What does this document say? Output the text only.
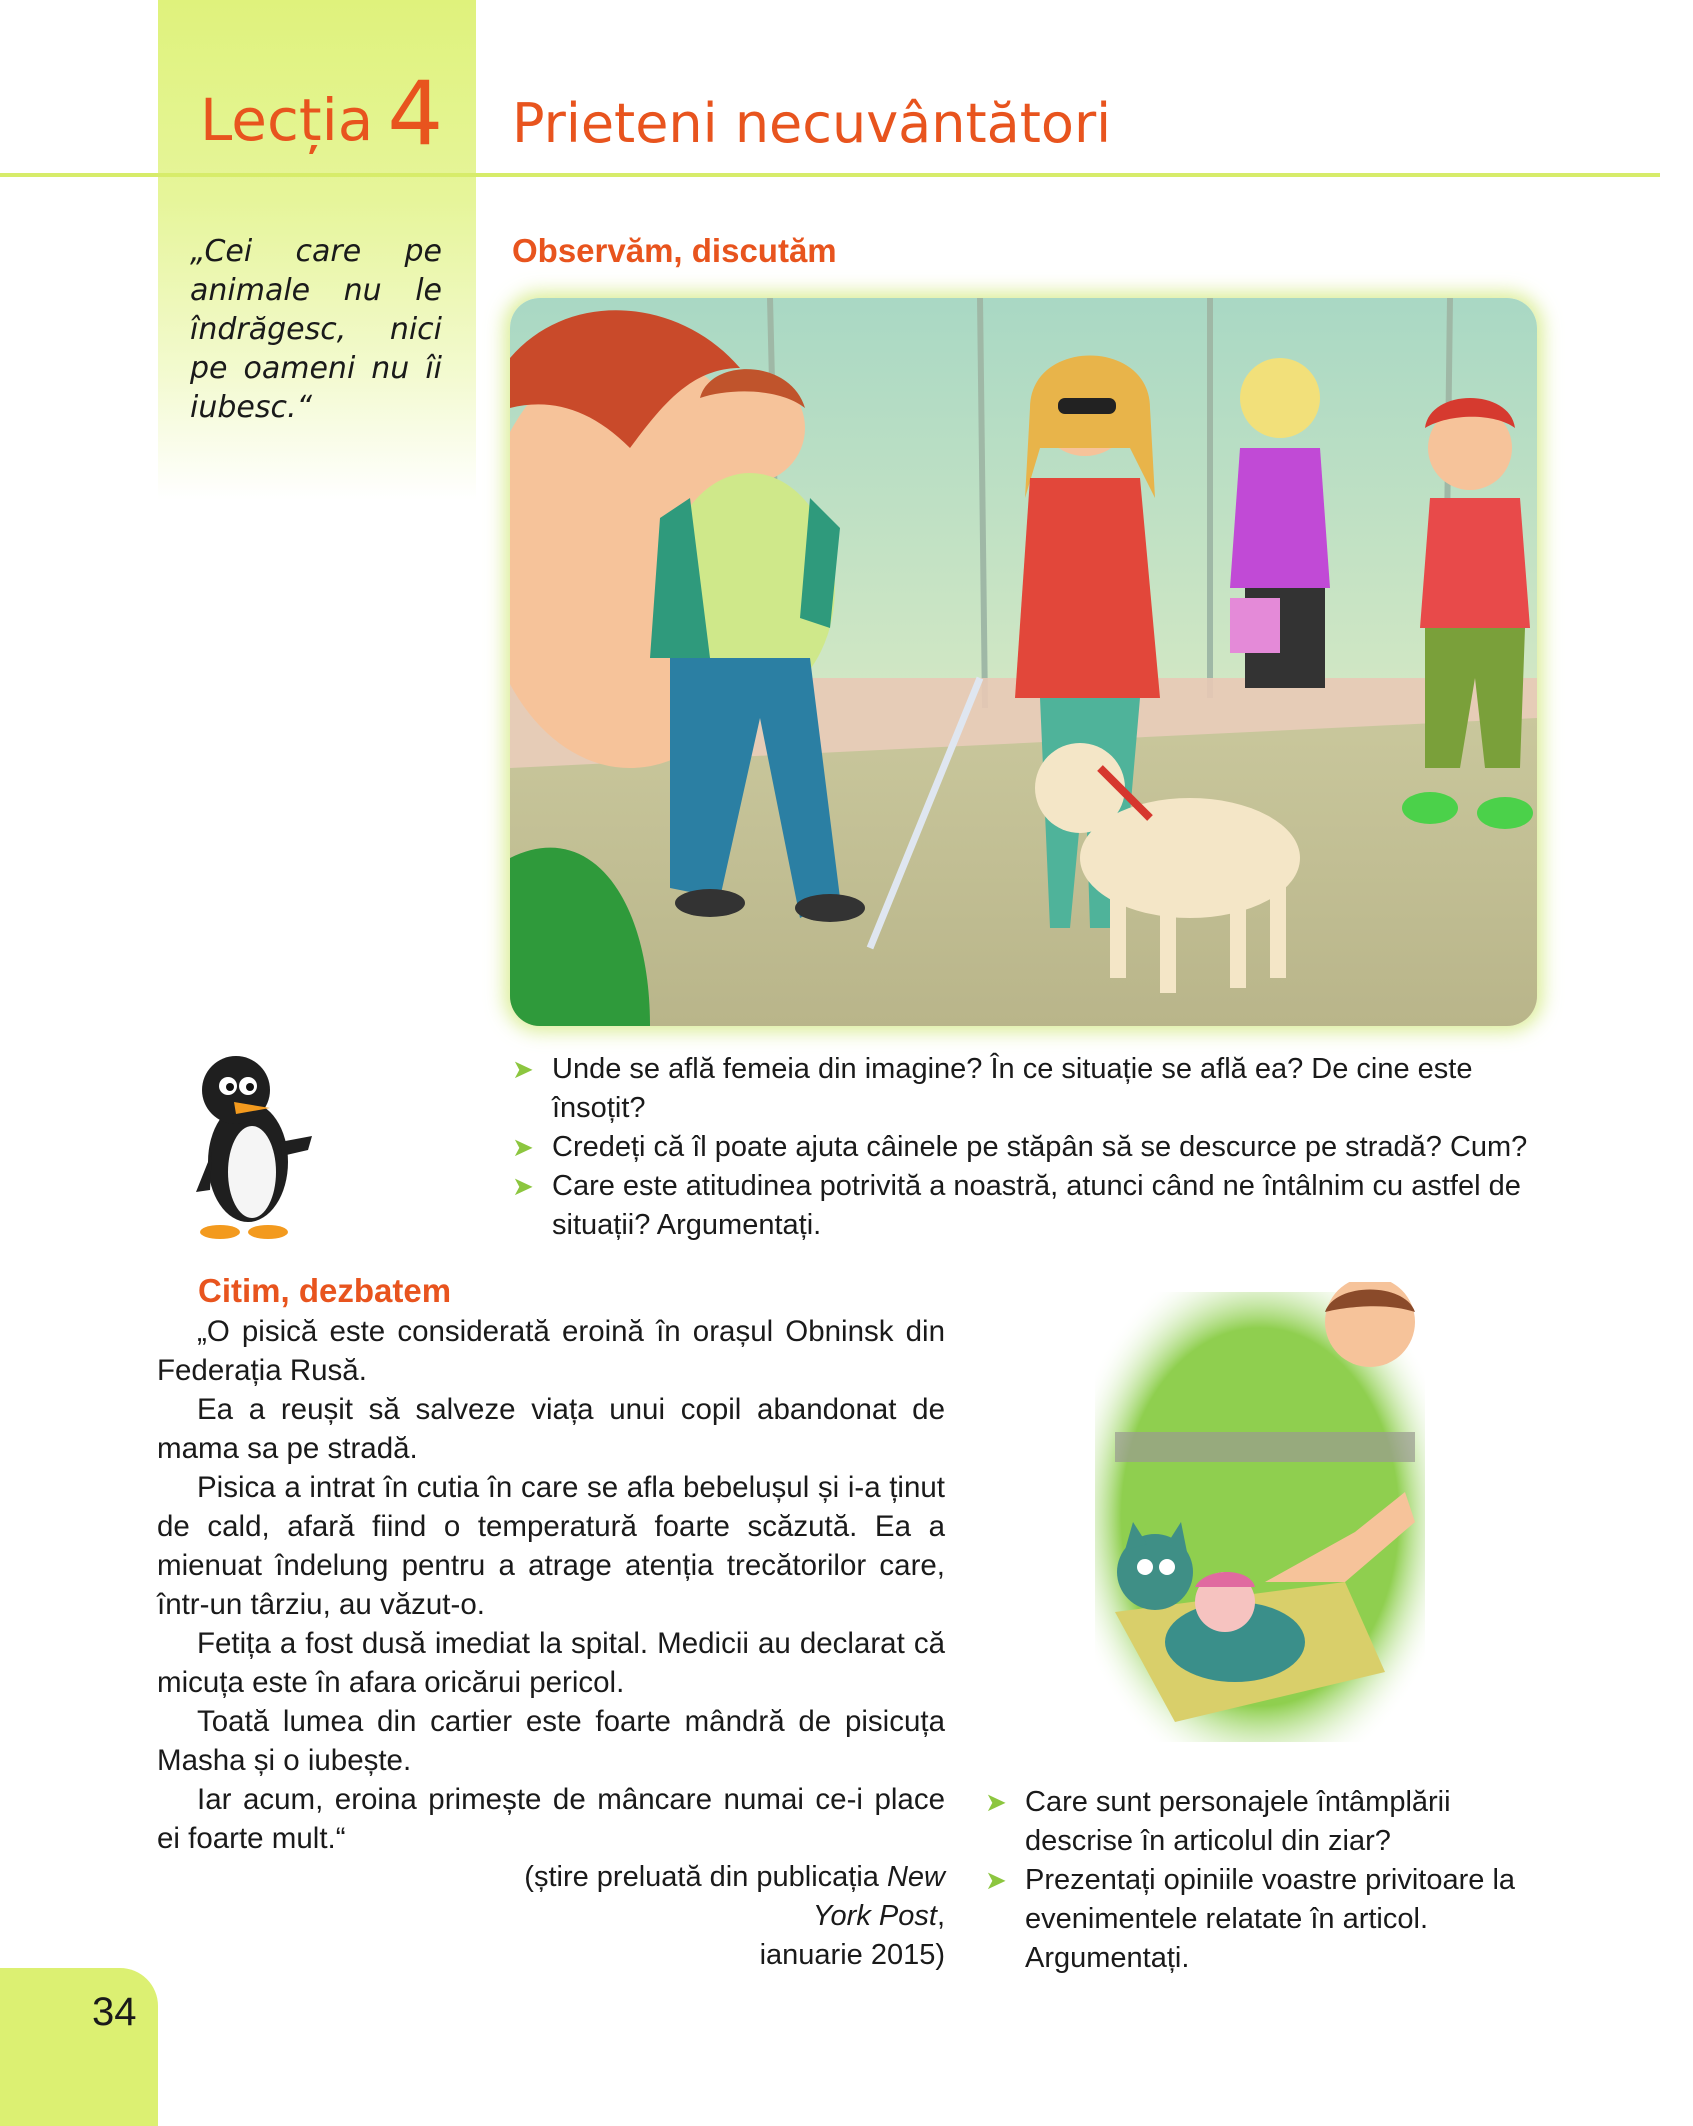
Lecția 4 Prieteni necuvântători
„Cei care pe animale nu le îndrăgesc, nici pe oameni nu îi iubesc.“
Observăm, discutăm
➤ Unde se află femeia din imagine? În ce situație se află ea? De cine este însoțit?
➤ Credeți că îl poate ajuta câinele pe stăpân să se descurce pe stradă? Cum?
➤ Care este atitudinea potrivită a noastră, atunci când ne întâlnim cu astfel de situații? Argumentați.
Citim, dezbatem

„O pisică este considerată eroină în orașul Obninsk din Federația Rusă.

Ea a reușit să salveze viața unui copil abandonat de mama sa pe stradă.

Pisica a intrat în cutia în care se afla bebelușul și i-a ținut de cald, afară fiind o temperatură foarte scăzută. Ea a mienuat îndelung pentru a atrage atenția trecătorilor care, într-un târziu, au văzut-o.

Fetița a fost dusă imediat la spital. Medicii au declarat că micuța este în afara oricărui pericol.

Toată lumea din cartier este foarte mândră de pisicuța Masha și o iubește.

Iar acum, eroina primește de mâncare numai ce-i place ei foarte mult.“

(știre preluată din publicația New York Post,
ianuarie 2015)
➤ Care sunt personajele întâmplării descrise în articolul din ziar?
➤ Prezentați opiniile voastre privitoare la evenimentele relatate în articol. Argumentați.
34
